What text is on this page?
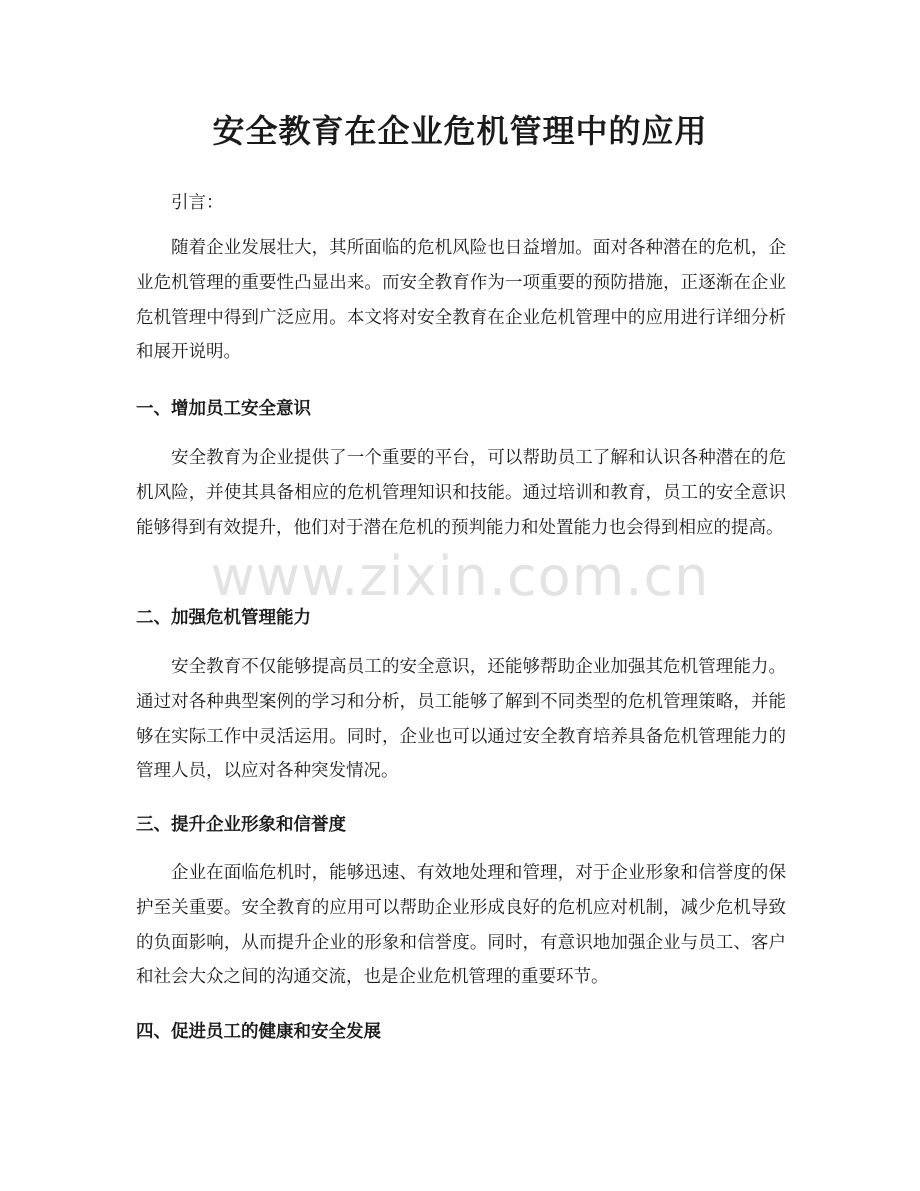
安全教育在企业危机管理中的应用

引言：

随着企业发展壮大，其所面临的危机风险也日益增加。面对各种潜在的危机，企业危机管理的重要性凸显出来。而安全教育作为一项重要的预防措施，正逐渐在企业危机管理中得到广泛应用。本文将对安全教育在企业危机管理中的应用进行详细分析和展开说明。

一、增加员工安全意识

安全教育为企业提供了一个重要的平台，可以帮助员工了解和认识各种潜在的危机风险，并使其具备相应的危机管理知识和技能。通过培训和教育，员工的安全意识能够得到有效提升，他们对于潜在危机的预判能力和处置能力也会得到相应的提高。

二、加强危机管理能力

安全教育不仅能够提高员工的安全意识，还能够帮助企业加强其危机管理能力。通过对各种典型案例的学习和分析，员工能够了解到不同类型的危机管理策略，并能够在实际工作中灵活运用。同时，企业也可以通过安全教育培养具备危机管理能力的管理人员，以应对各种突发情况。

三、提升企业形象和信誉度

企业在面临危机时，能够迅速、有效地处理和管理，对于企业形象和信誉度的保护至关重要。安全教育的应用可以帮助企业形成良好的危机应对机制，减少危机导致的负面影响，从而提升企业的形象和信誉度。同时，有意识地加强企业与员工、客户和社会大众之间的沟通交流，也是企业危机管理的重要环节。

四、促进员工的健康和安全发展
www.zixin.com.cn
